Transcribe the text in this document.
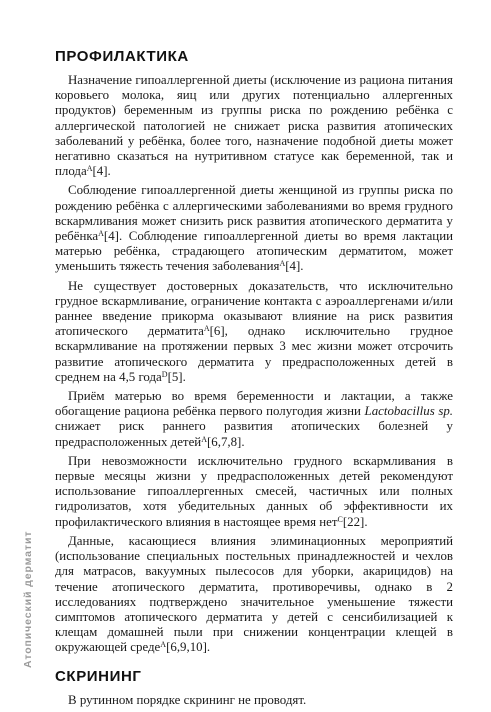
Атопический дерматит
ПРОФИЛАКТИКА

Назначение гипоаллергенной диеты (исключение из рациона питания коровьего молока, яиц или других потенциально аллергенных продуктов) беременным из группы риска по рождению ребёнка с аллергической патологией не снижает риска развития атопических заболеваний у ребёнка, более того, назначение подобной диеты может негативно сказаться на нутритивном статусе как беременной, так и плода$^А$[4].

Соблюдение гипоаллергенной диеты женщиной из группы риска по рождению ребёнка с аллергическими заболеваниями во время грудного вскармливания может снизить риск развития атопического дерматита у ребёнка$^А$[4]. Соблюдение гипоаллергенной диеты во время лактации матерью ребёнка, страдающего атопическим дерматитом, может уменьшить тяжесть течения заболевания$^А$[4].

Не существует достоверных доказательств, что исключительно грудное вскармливание, ограничение контакта с аэроаллергенами и/или раннее введение прикорма оказывают влияние на риск развития атопического дерматита$^А$[6], однако исключительно грудное вскармливание на протяжении первых 3 мес жизни может отсрочить развитие атопического дерматита у предрасположенных детей в среднем на 4,5 года$^D$[5].

Приём матерью во время беременности и лактации, а также обогащение рациона ребёнка первого полугодия жизни Lactobacillus sp. снижает риск раннего развития атопических болезней у предрасположенных детей$^А$[6,7,8].

При невозможности исключительно грудного вскармливания в первые месяцы жизни у предрасположенных детей рекомендуют использование гипоаллергенных смесей, частичных или полных гидролизатов, хотя убедительных данных об эффективности их профилактического влияния в настоящее время нет$^С$[22].

Данные, касающиеся влияния элиминационных мероприятий (использование специальных постельных принадлежностей и чехлов для матрасов, вакуумных пылесосов для уборки, акарицидов) на течение атопического дерматита, противоречивы, однако в 2 исследованиях подтверждено значительное уменьшение тяжести симптомов атопического дерматита у детей с сенсибилизацией к клещам домашней пыли при снижении концентрации клещей в окружающей среде$^А$[6,9,10].

СКРИНИНГ

В рутинном порядке скрининг не проводят.
